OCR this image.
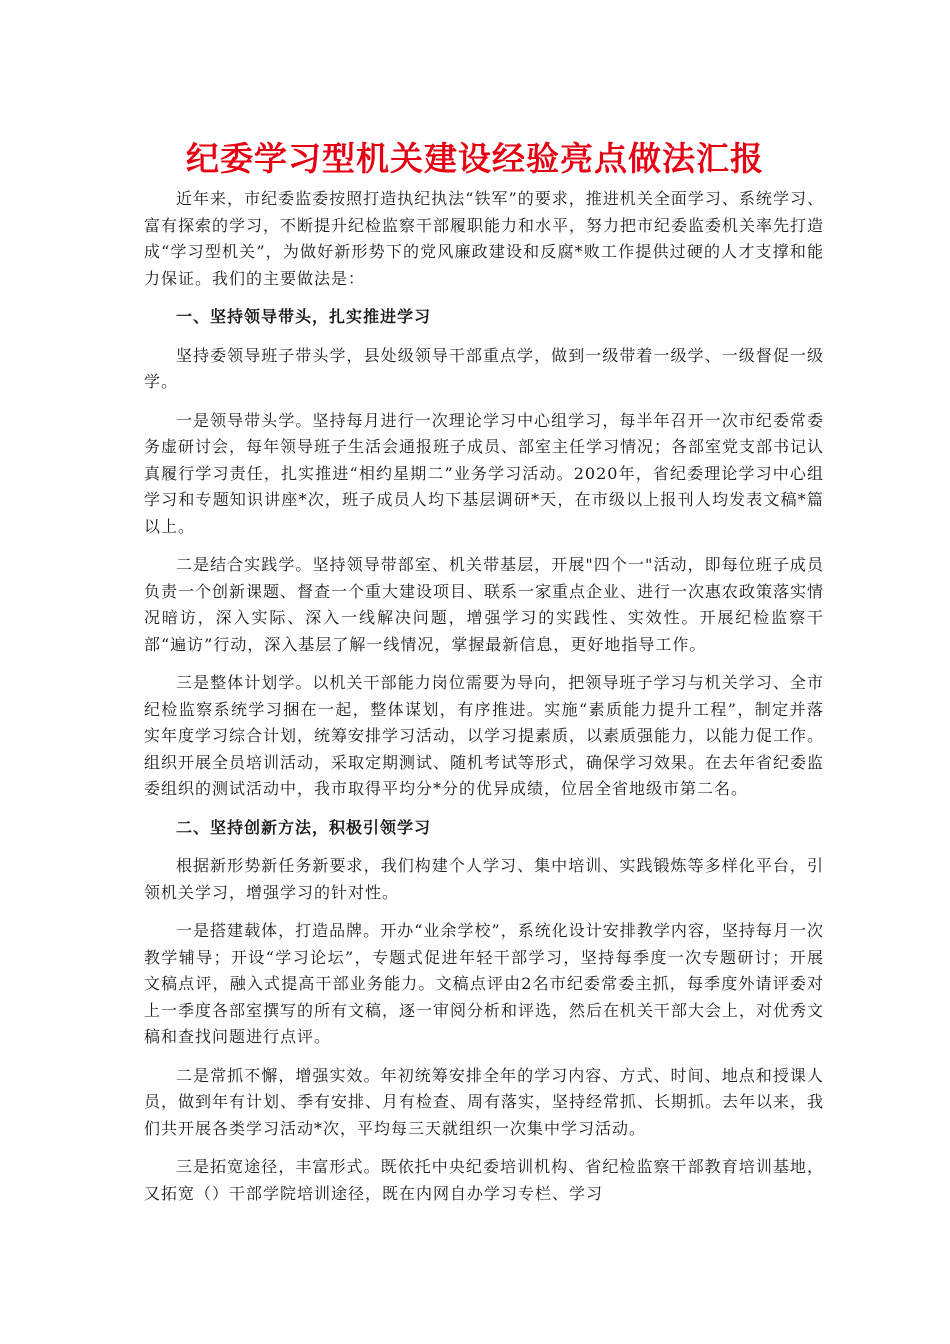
纪委学习型机关建设经验亮点做法汇报

近年来，市纪委监委按照打造执纪执法“铁军”的要求，推进机关全面学习、系统学习、富有探索的学习，不断提升纪检监察干部履职能力和水平，努力把市纪委监委机关率先打造成“学习型机关”，为做好新形势下的党风廉政建设和反腐*败工作提供过硬的人才支撑和能力保证。我们的主要做法是：

一、坚持领导带头，扎实推进学习

坚持委领导班子带头学，县处级领导干部重点学，做到一级带着一级学、一级督促一级学。

一是领导带头学。坚持每月进行一次理论学习中心组学习，每半年召开一次市纪委常委务虚研讨会，每年领导班子生活会通报班子成员、部室主任学习情况；各部室党支部书记认真履行学习责任，扎实推进“相约星期二”业务学习活动。2020年，省纪委理论学习中心组学习和专题知识讲座*次，班子成员人均下基层调研*天，在市级以上报刊人均发表文稿*篇以上。

二是结合实践学。坚持领导带部室、机关带基层，开展"四个一"活动，即每位班子成员负责一个创新课题、督查一个重大建设项目、联系一家重点企业、进行一次惠农政策落实情况暗访，深入实际、深入一线解决问题，增强学习的实践性、实效性。开展纪检监察干部“遍访”行动，深入基层了解一线情况，掌握最新信息，更好地指导工作。

三是整体计划学。以机关干部能力岗位需要为导向，把领导班子学习与机关学习、全市纪检监察系统学习捆在一起，整体谋划，有序推进。实施“素质能力提升工程”，制定并落实年度学习综合计划，统筹安排学习活动，以学习提素质，以素质强能力，以能力促工作。组织开展全员培训活动，采取定期测试、随机考试等形式，确保学习效果。在去年省纪委监委组织的测试活动中，我市取得平均分*分的优异成绩，位居全省地级市第二名。

二、坚持创新方法，积极引领学习

根据新形势新任务新要求，我们构建个人学习、集中培训、实践锻炼等多样化平台，引领机关学习，增强学习的针对性。

一是搭建载体，打造品牌。开办“业余学校”，系统化设计安排教学内容，坚持每月一次教学辅导；开设“学习论坛”，专题式促进年轻干部学习，坚持每季度一次专题研讨；开展文稿点评，融入式提高干部业务能力。文稿点评由2名市纪委常委主抓，每季度外请评委对上一季度各部室撰写的所有文稿，逐一审阅分析和评选，然后在机关干部大会上，对优秀文稿和查找问题进行点评。

二是常抓不懈，增强实效。年初统筹安排全年的学习内容、方式、时间、地点和授课人员，做到年有计划、季有安排、月有检查、周有落实，坚持经常抓、长期抓。去年以来，我们共开展各类学习活动*次，平均每三天就组织一次集中学习活动。

三是拓宽途径，丰富形式。既依托中央纪委培训机构、省纪检监察干部教育培训基地，又拓宽（）干部学院培训途径，既在内网自办学习专栏、学习
